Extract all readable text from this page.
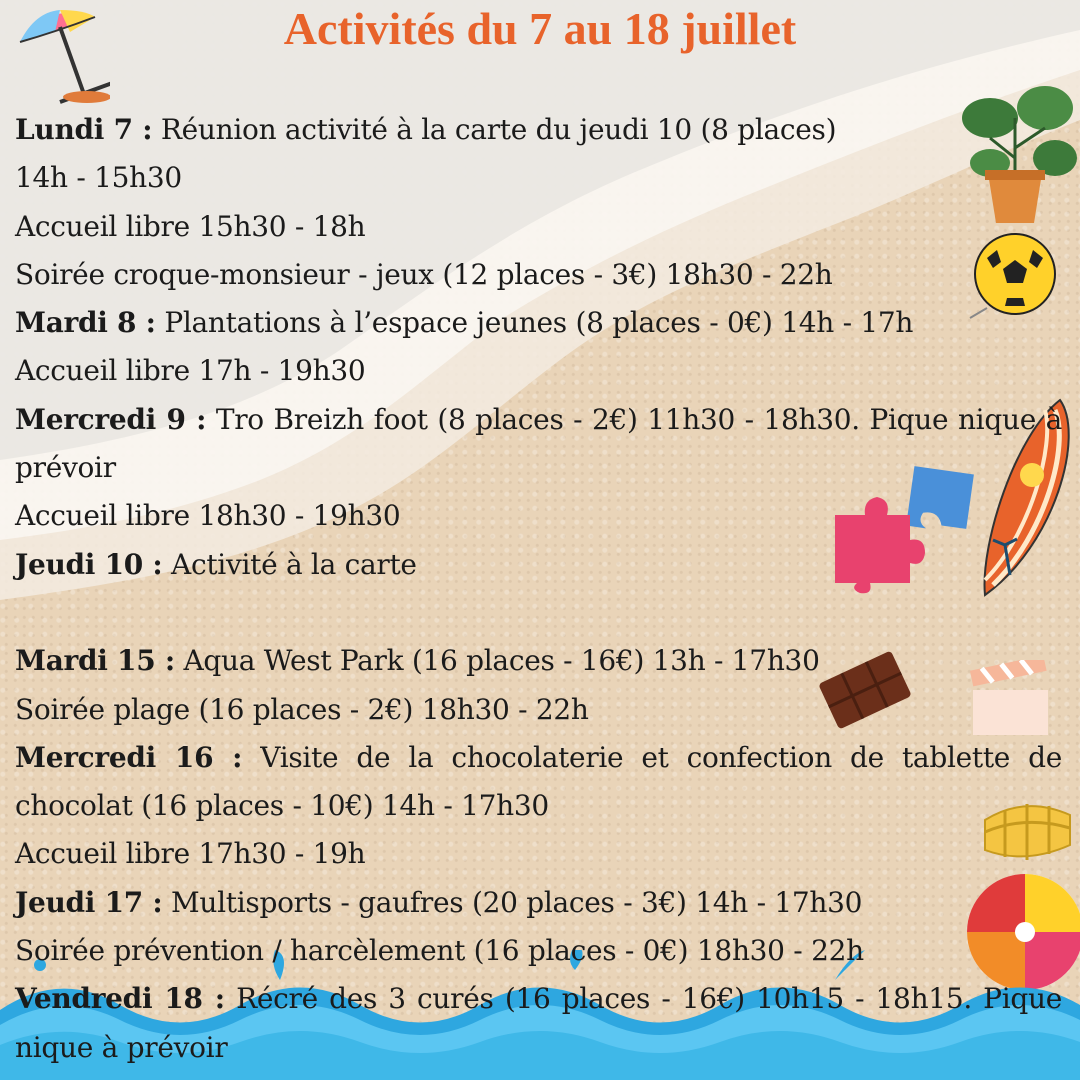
Activités du 7 au 18 juillet

Lundi 7 : Réunion activité à la carte du jeudi 10 (8 places)

14h - 15h30

Accueil libre 15h30 - 18h

Soirée croque-monsieur - jeux (12 places - 3€) 18h30 - 22h

Mardi 8 : Plantations à l’espace jeunes (8 places - 0€) 14h - 17h

Accueil libre 17h - 19h30

Mercredi 9 : Tro Breizh foot (8 places - 2€) 11h30 - 18h30. Pique nique à prévoir

Accueil libre 18h30 - 19h30

Jeudi 10 : Activité à la carte

Mardi 15 : Aqua West Park (16 places - 16€) 13h - 17h30

Soirée plage (16 places - 2€) 18h30 - 22h

Mercredi 16 : Visite de la chocolaterie et confection de tablette de chocolat (16 places - 10€) 14h - 17h30

Accueil libre 17h30 - 19h

Jeudi 17 : Multisports - gaufres (20 places - 3€) 14h - 17h30

Soirée prévention / harcèlement (16 places - 0€) 18h30 - 22h

Vendredi 18 : Récré des 3 curés (16 places - 16€) 10h15 - 18h15. Pique nique à prévoir
